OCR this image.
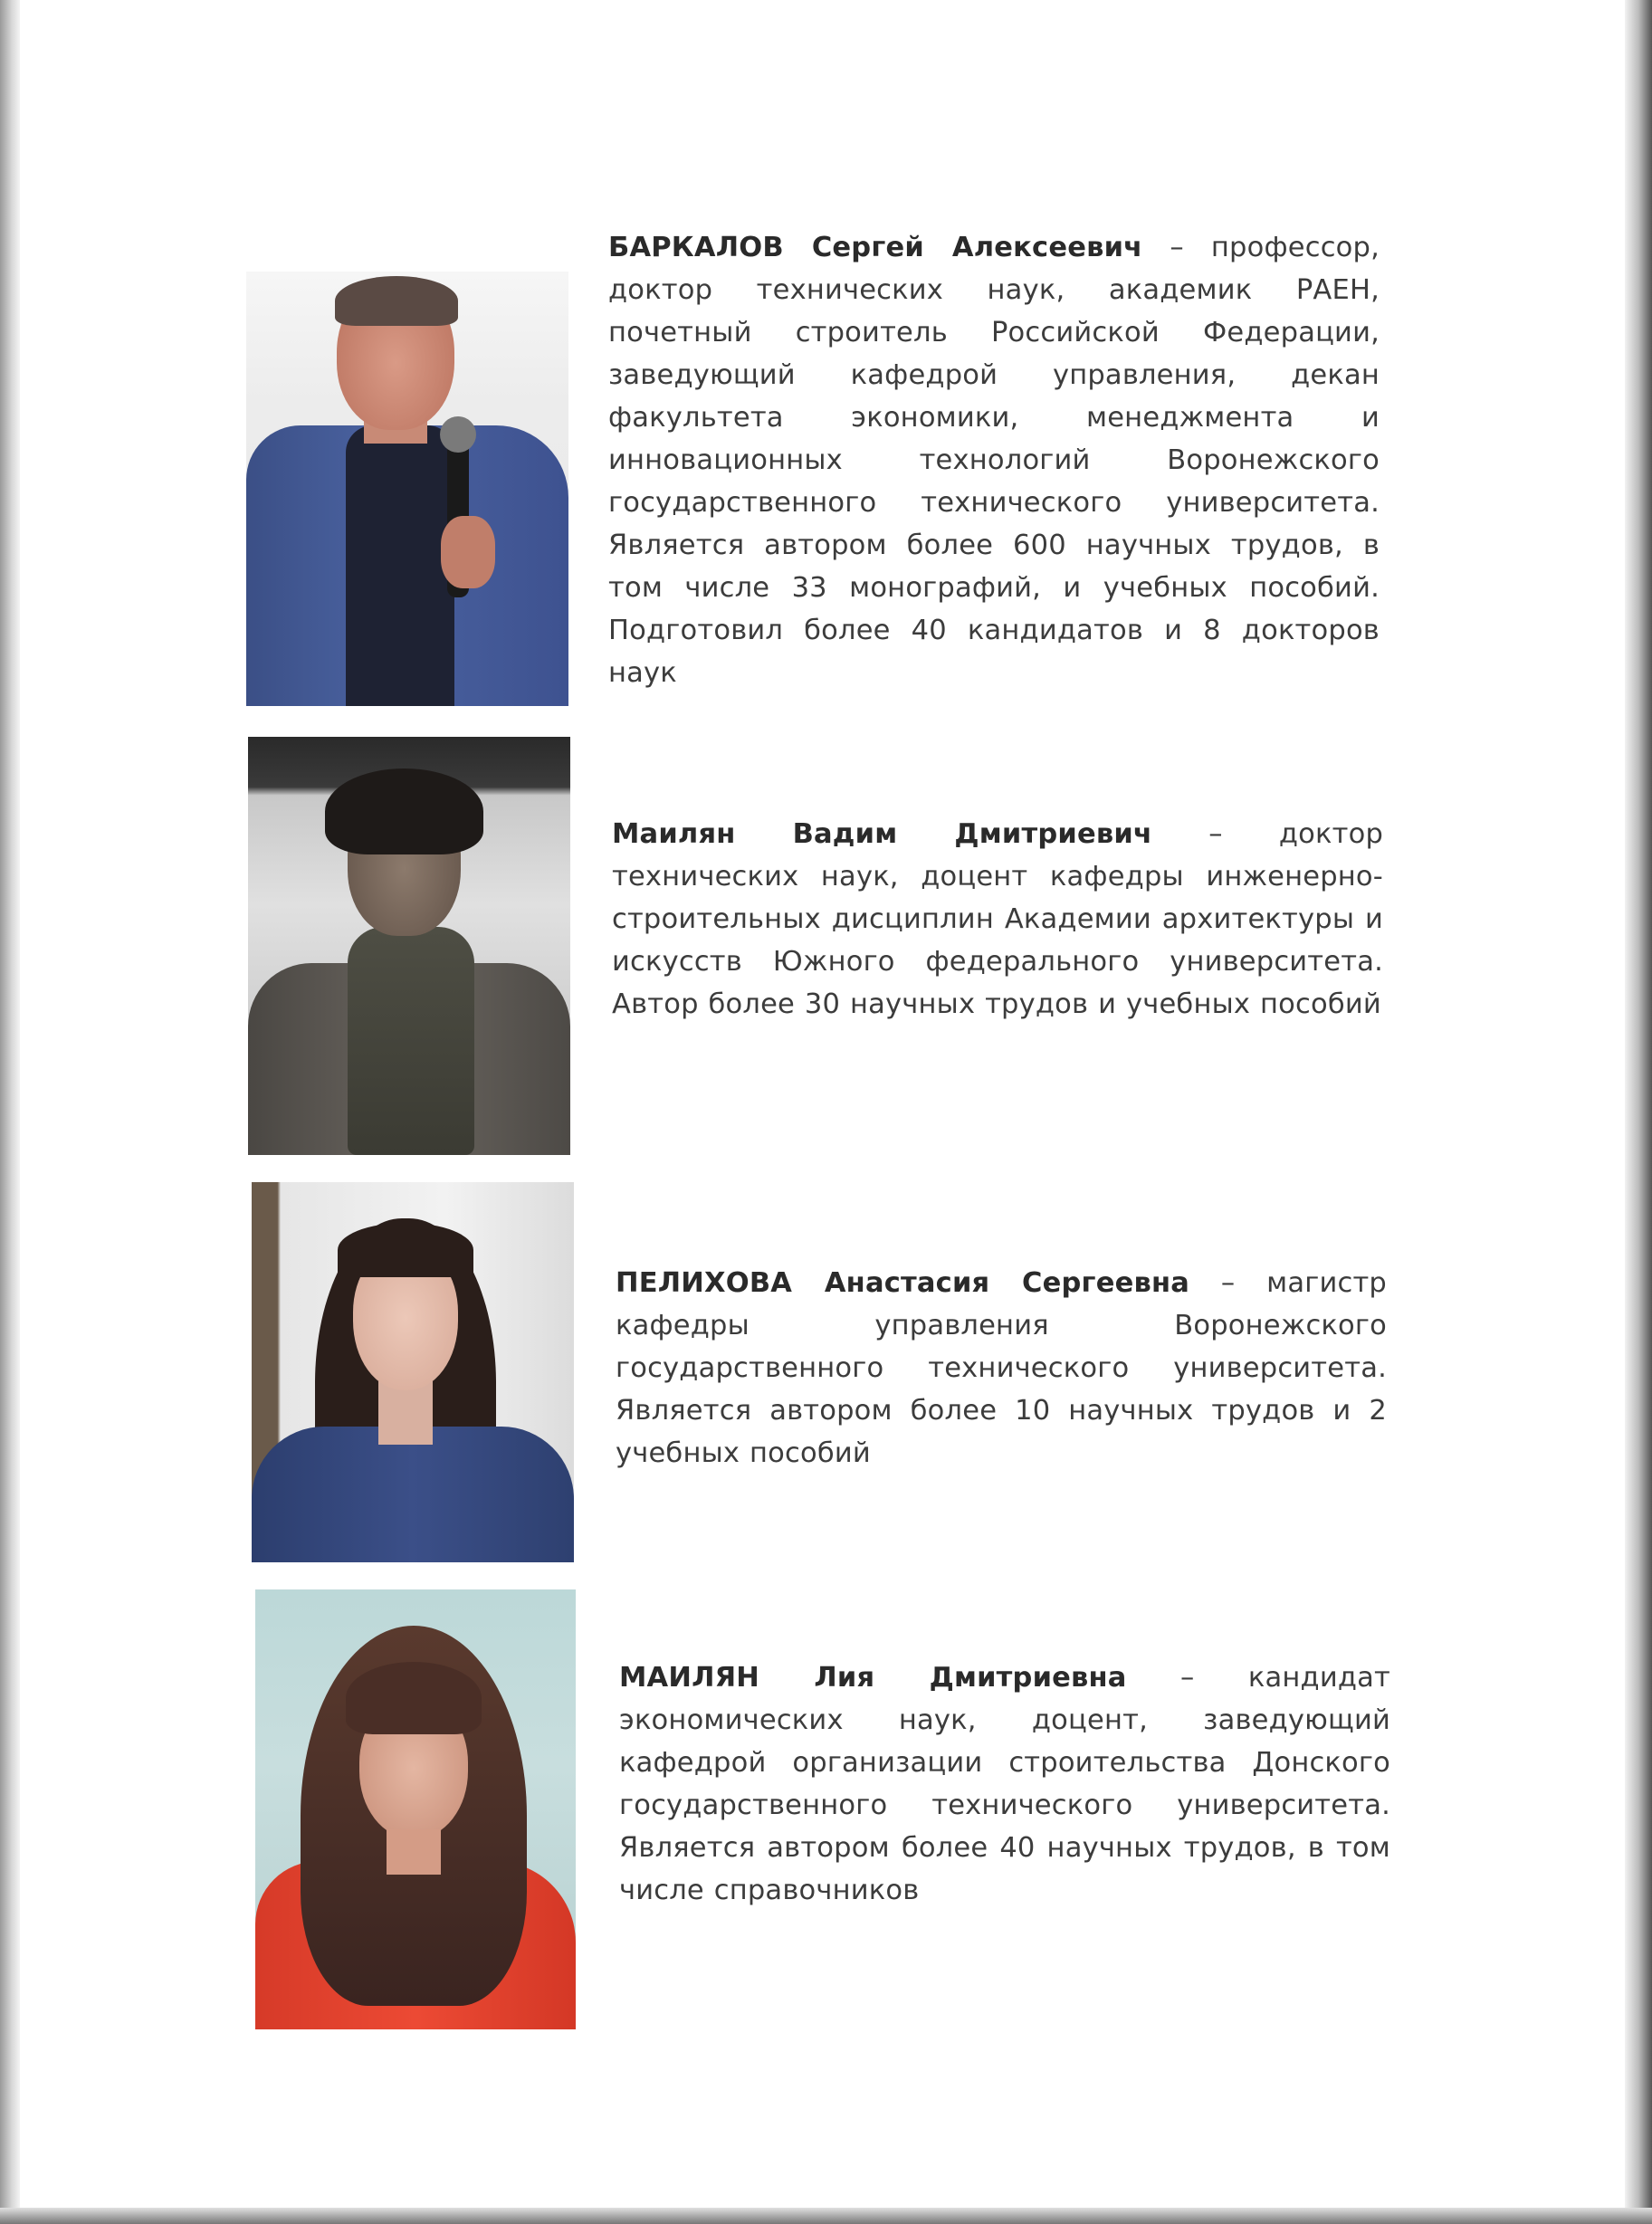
БАРКАЛОВ Сергей Алексеевич – профессор, доктор технических наук, академик РАЕН, почетный строитель Российской Федерации, заведующий кафедрой управления, декан факультета экономики, менеджмента и инновационных технологий Воронежского государственного технического университета. Является автором более 600 научных трудов, в том числе 33 монографий, и учебных пособий. Подготовил более 40 кандидатов и 8 докторов наук

Маилян Вадим Дмитриевич – доктор технических наук, доцент кафедры инженерно-строительных дисциплин Академии архитектуры и искусств Южного федерального университета. Автор более 30 научных трудов и учебных пособий

ПЕЛИХОВА Анастасия Сергеевна – магистр кафедры управления Воронежского государственного технического университета. Является автором более 10 научных трудов и 2 учебных пособий

МАИЛЯН Лия Дмитриевна – кандидат экономических наук, доцент, заведующий кафедрой организации строительства Донского государственного технического университета. Является автором более 40 научных трудов, в том числе справочников
